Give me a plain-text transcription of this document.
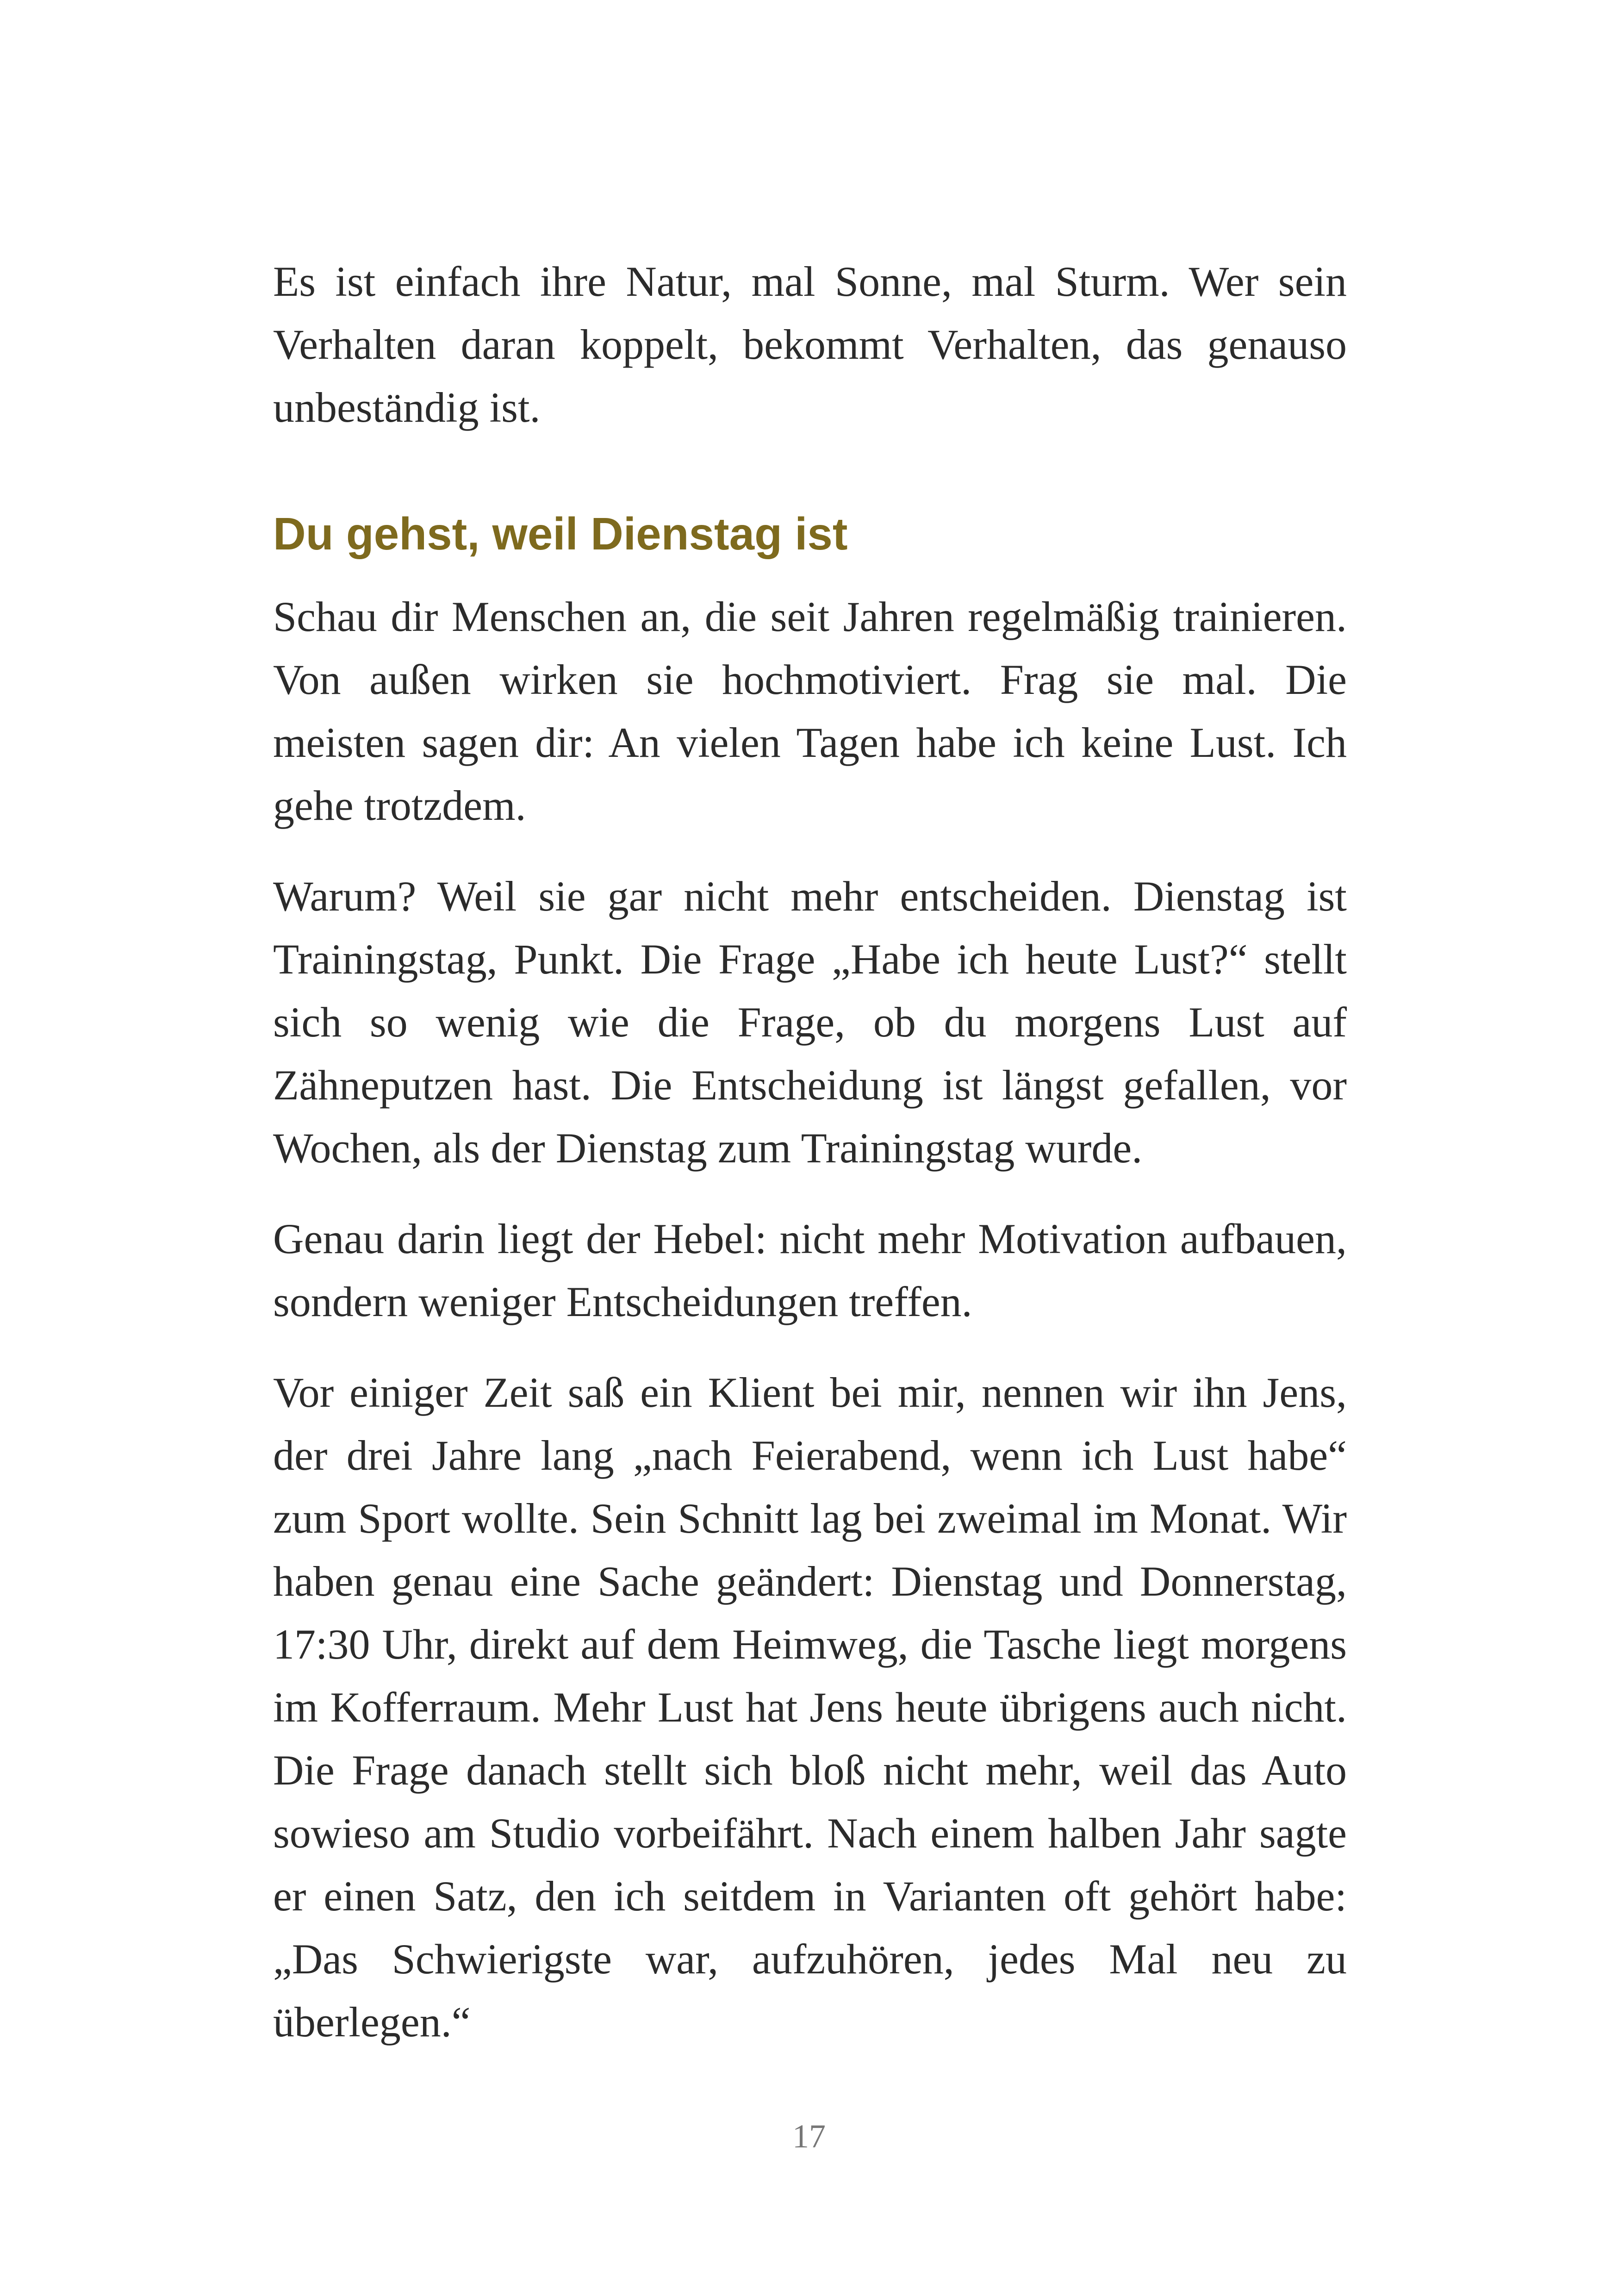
Es ist einfach ihre Natur, mal Sonne, mal Sturm. Wer sein Verhalten daran koppelt, bekommt Verhalten, das genauso unbeständig ist.

Du gehst, weil Dienstag ist

Schau dir Menschen an, die seit Jahren regelmäßig trainieren. Von außen wirken sie hochmotiviert. Frag sie mal. Die meisten sagen dir: An vielen Tagen habe ich keine Lust. Ich gehe trotzdem.

Warum? Weil sie gar nicht mehr entscheiden. Dienstag ist Trainingstag, Punkt. Die Frage „Habe ich heute Lust?“ stellt sich so wenig wie die Frage, ob du morgens Lust auf Zähneputzen hast. Die Entscheidung ist längst gefallen, vor Wochen, als der Dienstag zum Trainingstag wurde.

Genau darin liegt der Hebel: nicht mehr Motivation aufbauen, sondern weniger Entscheidungen treffen.

Vor einiger Zeit saß ein Klient bei mir, nennen wir ihn Jens, der drei Jahre lang „nach Feierabend, wenn ich Lust habe“ zum Sport wollte. Sein Schnitt lag bei zweimal im Monat. Wir haben genau eine Sache geändert: Dienstag und Donnerstag, 17:30 Uhr, direkt auf dem Heimweg, die Tasche liegt morgens im Kofferraum. Mehr Lust hat Jens heute übrigens auch nicht. Die Frage danach stellt sich bloß nicht mehr, weil das Auto sowieso am Studio vorbeifährt. Nach einem halben Jahr sagte er einen Satz, den ich seitdem in Varianten oft gehört habe: „Das Schwierigste war, aufzuhören, jedes Mal neu zu überlegen.“

17
